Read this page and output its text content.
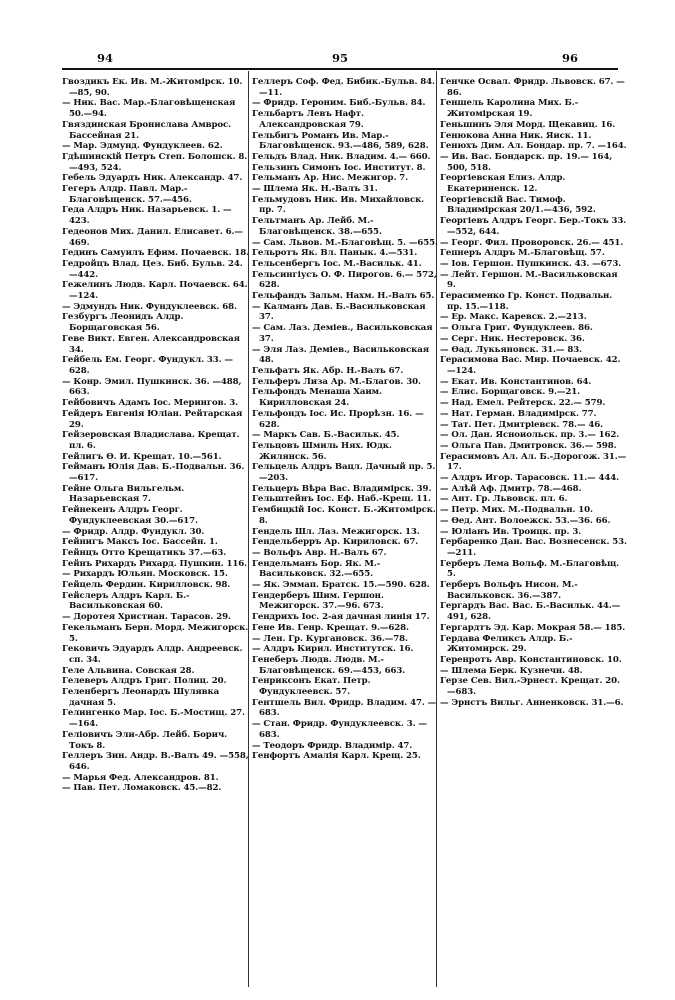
94	95	96

Гвоздикъ Ек. Ив. М.-Житомірск. 10.—85, 90.

— Ник. Вас. Мар.-Благовѣщенская 50.—94.

Гвяздинская Брониславa Амврос. Бассейная 21.

— Мар. Эдмунд. Фундуклеев. 62.

Гдѣшинскій Петръ Степ. Болошск. 8.—493, 524.

Гебель Эдуардъ Ник. Александр. 47.

Гегеръ Алдр. Павл. Мар.-Благовѣщенск. 57.—456.

Геда Алдръ Ник. Назарьевск. 1. —423.

Гедеонов Мих. Данил. Елисавет. 6.—469.

Гединъ Самуилъ Ефим. Почаевск. 18.

Гедройцъ Влад. Цез. Биб. Бульв. 24.—442.

Гежелинъ Людв. Карл. Почаевск. 64.—124.

— Эдмундъ Ник. Фундуклеевск. 68.

Гезбургъ Леонидъ Алдр. Борщаговская 56.

Геве Викт. Евген. Александровская 34.

Гейбель Ем. Георг. Фундукл. 33. —628.

— Конр. Эмил. Пушкинск. 36. —488, 663.

Гейбовичъ Адамъ Іос. Мерингов. 3.

Гейдеръ Евгенія Юліан. Рейтарская 29.

Гейзеровская Владислава. Крещат. пл. 6.

Гейлигъ Ѳ. И. Крещат. 10.—561.

Гейманъ Юлія Дав. Б.-Подвальн. 36.—617.

Гейне Ольга Вильгельм. Назарьевская 7.

Гейнекенъ Алдръ Георг. Фундуклеевская 30.—617.

— Фридр. Алдр. Фундукл. 30.

Гейнигъ Максъ Іос. Бассейн. 1.

Гейнцъ Отто Крещатикъ 37.—63.

Гейнъ Рихардъ Рихард. Пушкин. 116.

— Рихардъ Юльян. Московск. 15.

Гейцель Фердин. Кирилловск. 98.

Гейслеръ Алдръ Карл. Б.-Васильковская 60.

— Доротея Христиан. Тарасов. 29.

Гекельманъ Берн. Морд. Межигорск. 5.

Гековичъ Эдуардъ Алдр. Андреевск. сп. 34.

Геле Альвина. Совская 28.

Гелеверъ Алдръ Григ. Полиц. 20.

Геленбергъ Леонардъ Шулявка дачная 5.

Гелингенко Мар. Іос. Б.-Мостищ. 27.—164.

Геліовичъ Эли-Абр. Лейб. Борич. Токъ 8.

Геллеръ Зин. Андр. В.-Валъ 49. —558, 646.

— Марья Фед. Александров. 81.

— Пав. Пет. Ломаковск. 45.—82.

Геллеръ Соф. Фед. Бибик.-Бульв. 84.—11.

— Фридр. Героним. Биб.-Бульв. 84.

Гельбартъ Левъ Нафт. Александровская 79.

Гельбигъ Романъ Ив. Мар.-Благовѣщенск. 93.—486, 589, 628.

Гельдъ Влад. Ник. Владим. 4.— 660.

Гельзинъ Симонъ Іос. Институт. 8.

Гельманъ Ар. Нис. Межигор. 7.

— Шлема Як. Н.-Валъ 31.

Гельмудовъ Ник. Ив. Михайловск. пр. 7.

Гельтманъ Ар. Лейб. М.-Благовѣщенск. 38.—655.

— Сам. Львов. М.-Благовѣщ. 5. —655.

Гельротъ Як. Вл. Панык. 4.—531.

Гельсенбергъ Іос. М.-Васильк. 41.

Гельсингіусъ О. Ф. Пирогов. 6.— 572, 628.

Гельфандъ Зальм. Нахм. Н.-Валъ 65.

— Калманъ Дав. Б.-Васильковская 37.

— Сам. Лаз. Деміев., Васильковская 37.

— Эля Лаз. Деміев., Васильковская 48.

Гельфатъ Як. Абр. Н.-Валъ 67.

Гельферъ Лиза Ар. М.-Благов. 30.

Гельфондъ Менаша Хаим. Кирилловская 24.

Гельфондъ Іос. Ис. Прорѣзн. 16. —628.

— Маркъ Сав. Б.-Васильк. 45.

Гельцовъ Шмиль Нях. Юдк. Жилянск. 56.

Гельцель Алдръ Вацл. Дачный пр. 5.—203.

Гельцеръ Вѣра Вас. Владимірск. 39.

Гельштейнъ Іос. Еф. Наб.-Крещ. 11.

Гембицкій Іос. Конст. Б.-Житомірск. 8.

Гендель Шл. Лаз. Межигорск. 13.

Гендельберръ Ар. Кириловск. 67.

— Вольфъ Авр. Н.-Валъ 67.

Гендельманъ Бор. Як. М.-Васильковск. 32.—655.

— Як. Эммап. Братск. 15.—590. 628.

Гендерберъ Шим. Гершон. Межигорск. 37.—96. 673.

Гендрихъ Іос. 2-ая дачная линія 17.

Гене Ив. Генр. Крещат. 9.—628.

— Лен. Гр. Кургановск. 36.—78.

— Алдръ Кирил. Институтск. 16.

Генеберъ Людв. Людв. М.-Благовѣщенск. 69.—453, 663.

Генриксонъ Екат. Петр. Фундуклеевск. 57.

Гентшель Вил. Фридр. Владим. 47. —683.

— Стан. Фридр. Фундуклеевск. 3. —683.

— Теодоръ Фридр. Владимір. 47.

Генфортъ Амалія Карл. Крещ. 25.

Генчке Освал. Фридр. Львовск. 67. —86.

Геншель Каролина Мих. Б.-Житомірская 19.

Геньшинъ Эля Морд. Щекавиц. 16.

Генюкова Анна Ник. Яиск. 11.

Генюхъ Дим. Ал. Бондар. пр. 7. —164.

— Ив. Вас. Бондарск. пр. 19.— 164, 500, 518.

Георгіевская Елиз. Алдр. Екатериненск. 12.

Георгіевскій Вас. Тимоф. Владимірская 20/1.—436, 592.

Георгіевъ Алдръ Георг. Бер.-Токъ 33.—552, 644.

— Георг. Фил. Проворовск. 26.— 451.

Гепнеръ Алдръ М.-Благовѣщ. 57.

— Іов. Гершон. Пушкинск. 43. —673.

— Лейт. Гершон. М.-Васильковская 9.

Герасименко Гр. Конст. Подвальн. пр. 15.—118.

— Ер. Макс. Каревск. 2.—213.

— Ольга Григ. Фундуклеев. 86.

— Серг. Ник. Нестеровск. 36.

— Өад. Лукьяновск. 31.— 83.

Герасимова Вас. Мир. Почаевск. 42.—124.

— Екат. Ив. Константинов. 64.

— Елис. Борщаговск. 9.—21.

— Над. Емел. Рейтерск. 22.— 579.

— Нат. Герман. Владимірск. 77.

— Тат. Пет. Дмитріевск. 78.— 46.

— Ол. Дан. Ясноиольск. пр. 3.— 162.

— Ольга Пав. Дмитровск. 36.— 598.

Герасимовъ Ал. Ал. Б.-Дорогож. 31.—17.

— Алдръ Игор. Тарасовск. 11.— 444.

— Алѣй Аф. Дмитр. 78.—468.

— Ант. Гр. Львовск. пл. 6.

— Петр. Мих. М.-Подвальн. 10.

— Өед. Ант. Волоежск. 53.—36. 66.

— Юліанъ Ив. Троицк. пр. 3.

Гербаренко Дан. Вас. Вознесенск. 53.—211.

Герберъ Лема Вольф. М.-Благовѣщ. 5.

Герберъ Вольфъ Нисон. М.-Васильковск. 36.—387.

Гергардъ Вас. Вас. Б.-Васильк. 44.—491, 628.

Гергардтъ Эд. Кар. Мокрая 58.— 185.

Гердава Феликсъ Алдр. Б.-Житомирск. 29.

Геренротъ Авр. Константиновск. 10.

— Шлема Берк. Кузнечн. 48.

Герзе Сев. Вил.-Эрнест. Крещат. 20.—683.

— Эрнстъ Вильг. Анненковск. 31.—6.
